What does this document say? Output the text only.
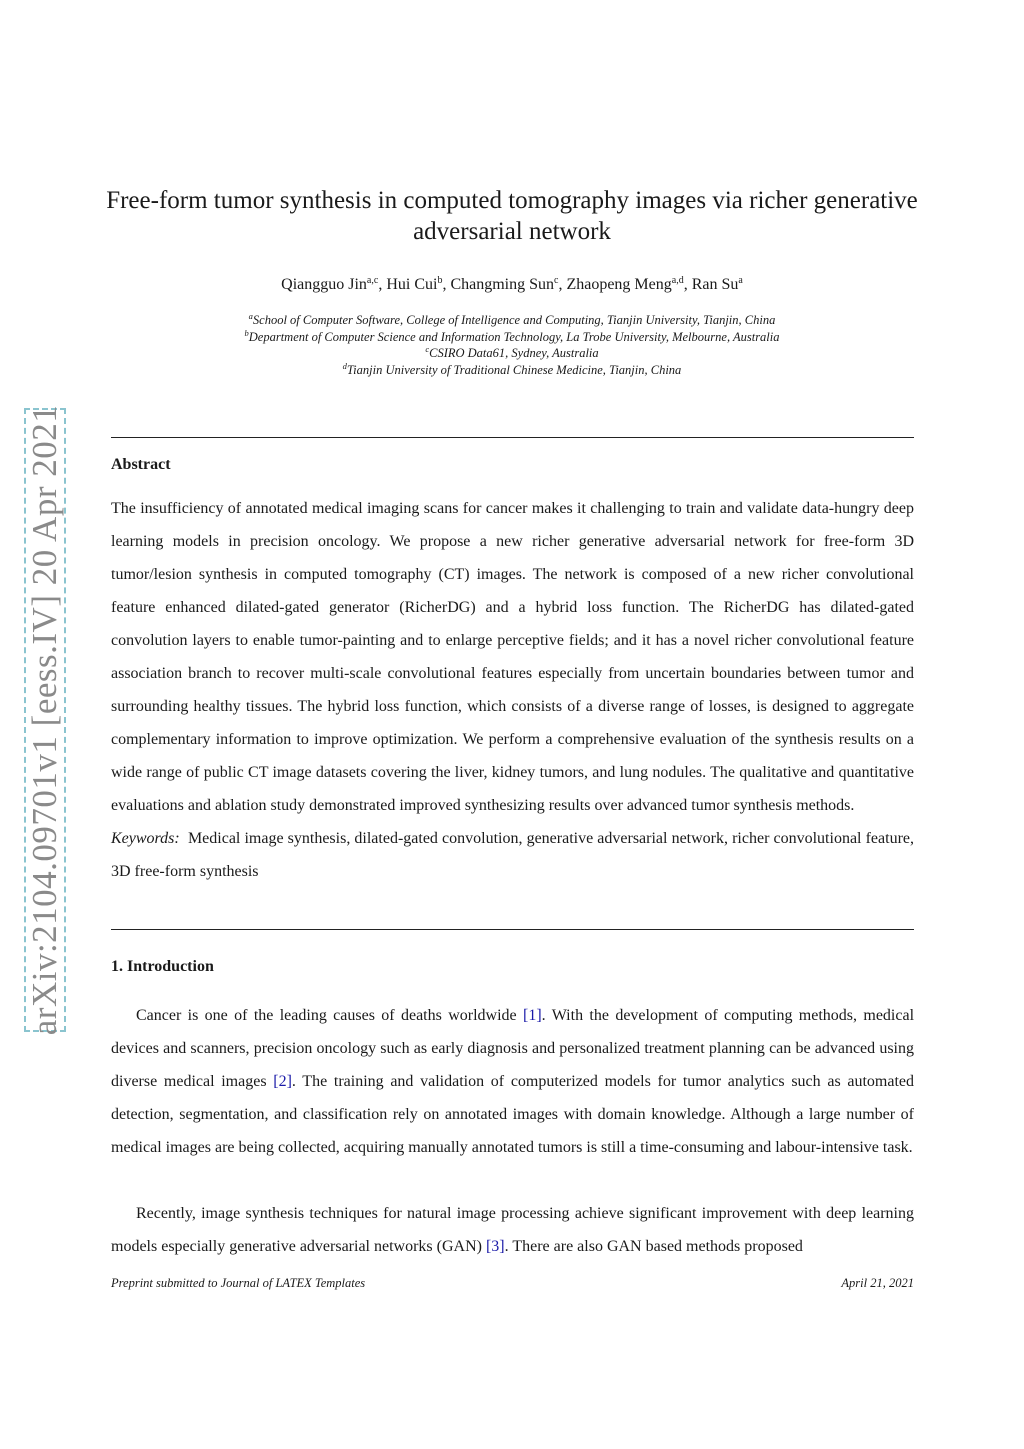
arXiv:2104.09701v1 [eess.IV] 20 Apr 2021
Free-form tumor synthesis in computed tomography images via richer generative adversarial network
Qiangguo Jin$^{a,c}$, Hui Cui$^b$, Changming Sun$^c$, Zhaopeng Meng$^{a,d}$, Ran Su$^a$
$^a$School of Computer Software, College of Intelligence and Computing, Tianjin University, Tianjin, China
$^b$Department of Computer Science and Information Technology, La Trobe University, Melbourne, Australia
$^c$CSIRO Data61, Sydney, Australia
$^d$Tianjin University of Traditional Chinese Medicine, Tianjin, China
Abstract

The insufficiency of annotated medical imaging scans for cancer makes it challenging to train and validate data-hungry deep learning models in precision oncology. We propose a new richer generative adversarial network for free-form 3D tumor/lesion synthesis in computed tomography (CT) images. The network is composed of a new richer convolutional feature enhanced dilated-gated generator (RicherDG) and a hybrid loss function. The RicherDG has dilated-gated convolution layers to enable tumor-painting and to enlarge perceptive fields; and it has a novel richer convolutional feature association branch to recover multi-scale convolutional features especially from uncertain boundaries between tumor and surrounding healthy tissues. The hybrid loss function, which consists of a diverse range of losses, is designed to aggregate complementary information to improve optimization. We perform a comprehensive evaluation of the synthesis results on a wide range of public CT image datasets covering the liver, kidney tumors, and lung nodules. The qualitative and quantitative evaluations and ablation study demonstrated improved synthesizing results over advanced tumor synthesis methods.
Keywords: Medical image synthesis, dilated-gated convolution, generative adversarial network, richer convolutional feature, 3D free-form synthesis

1. Introduction

Cancer is one of the leading causes of deaths worldwide [1]. With the development of computing methods, medical devices and scanners, precision oncology such as early diagnosis and personalized treatment planning can be advanced using diverse medical images [2]. The training and validation of computerized models for tumor analytics such as automated detection, segmentation, and classification rely on annotated images with domain knowledge. Although a large number of medical images are being collected, acquiring manually annotated tumors is still a time-consuming and labour-intensive task.

Recently, image synthesis techniques for natural image processing achieve significant improvement with deep learning models especially generative adversarial networks (GAN) [3]. There are also GAN based methods proposed

Preprint submitted to Journal of LATEX Templates	April 21, 2021
